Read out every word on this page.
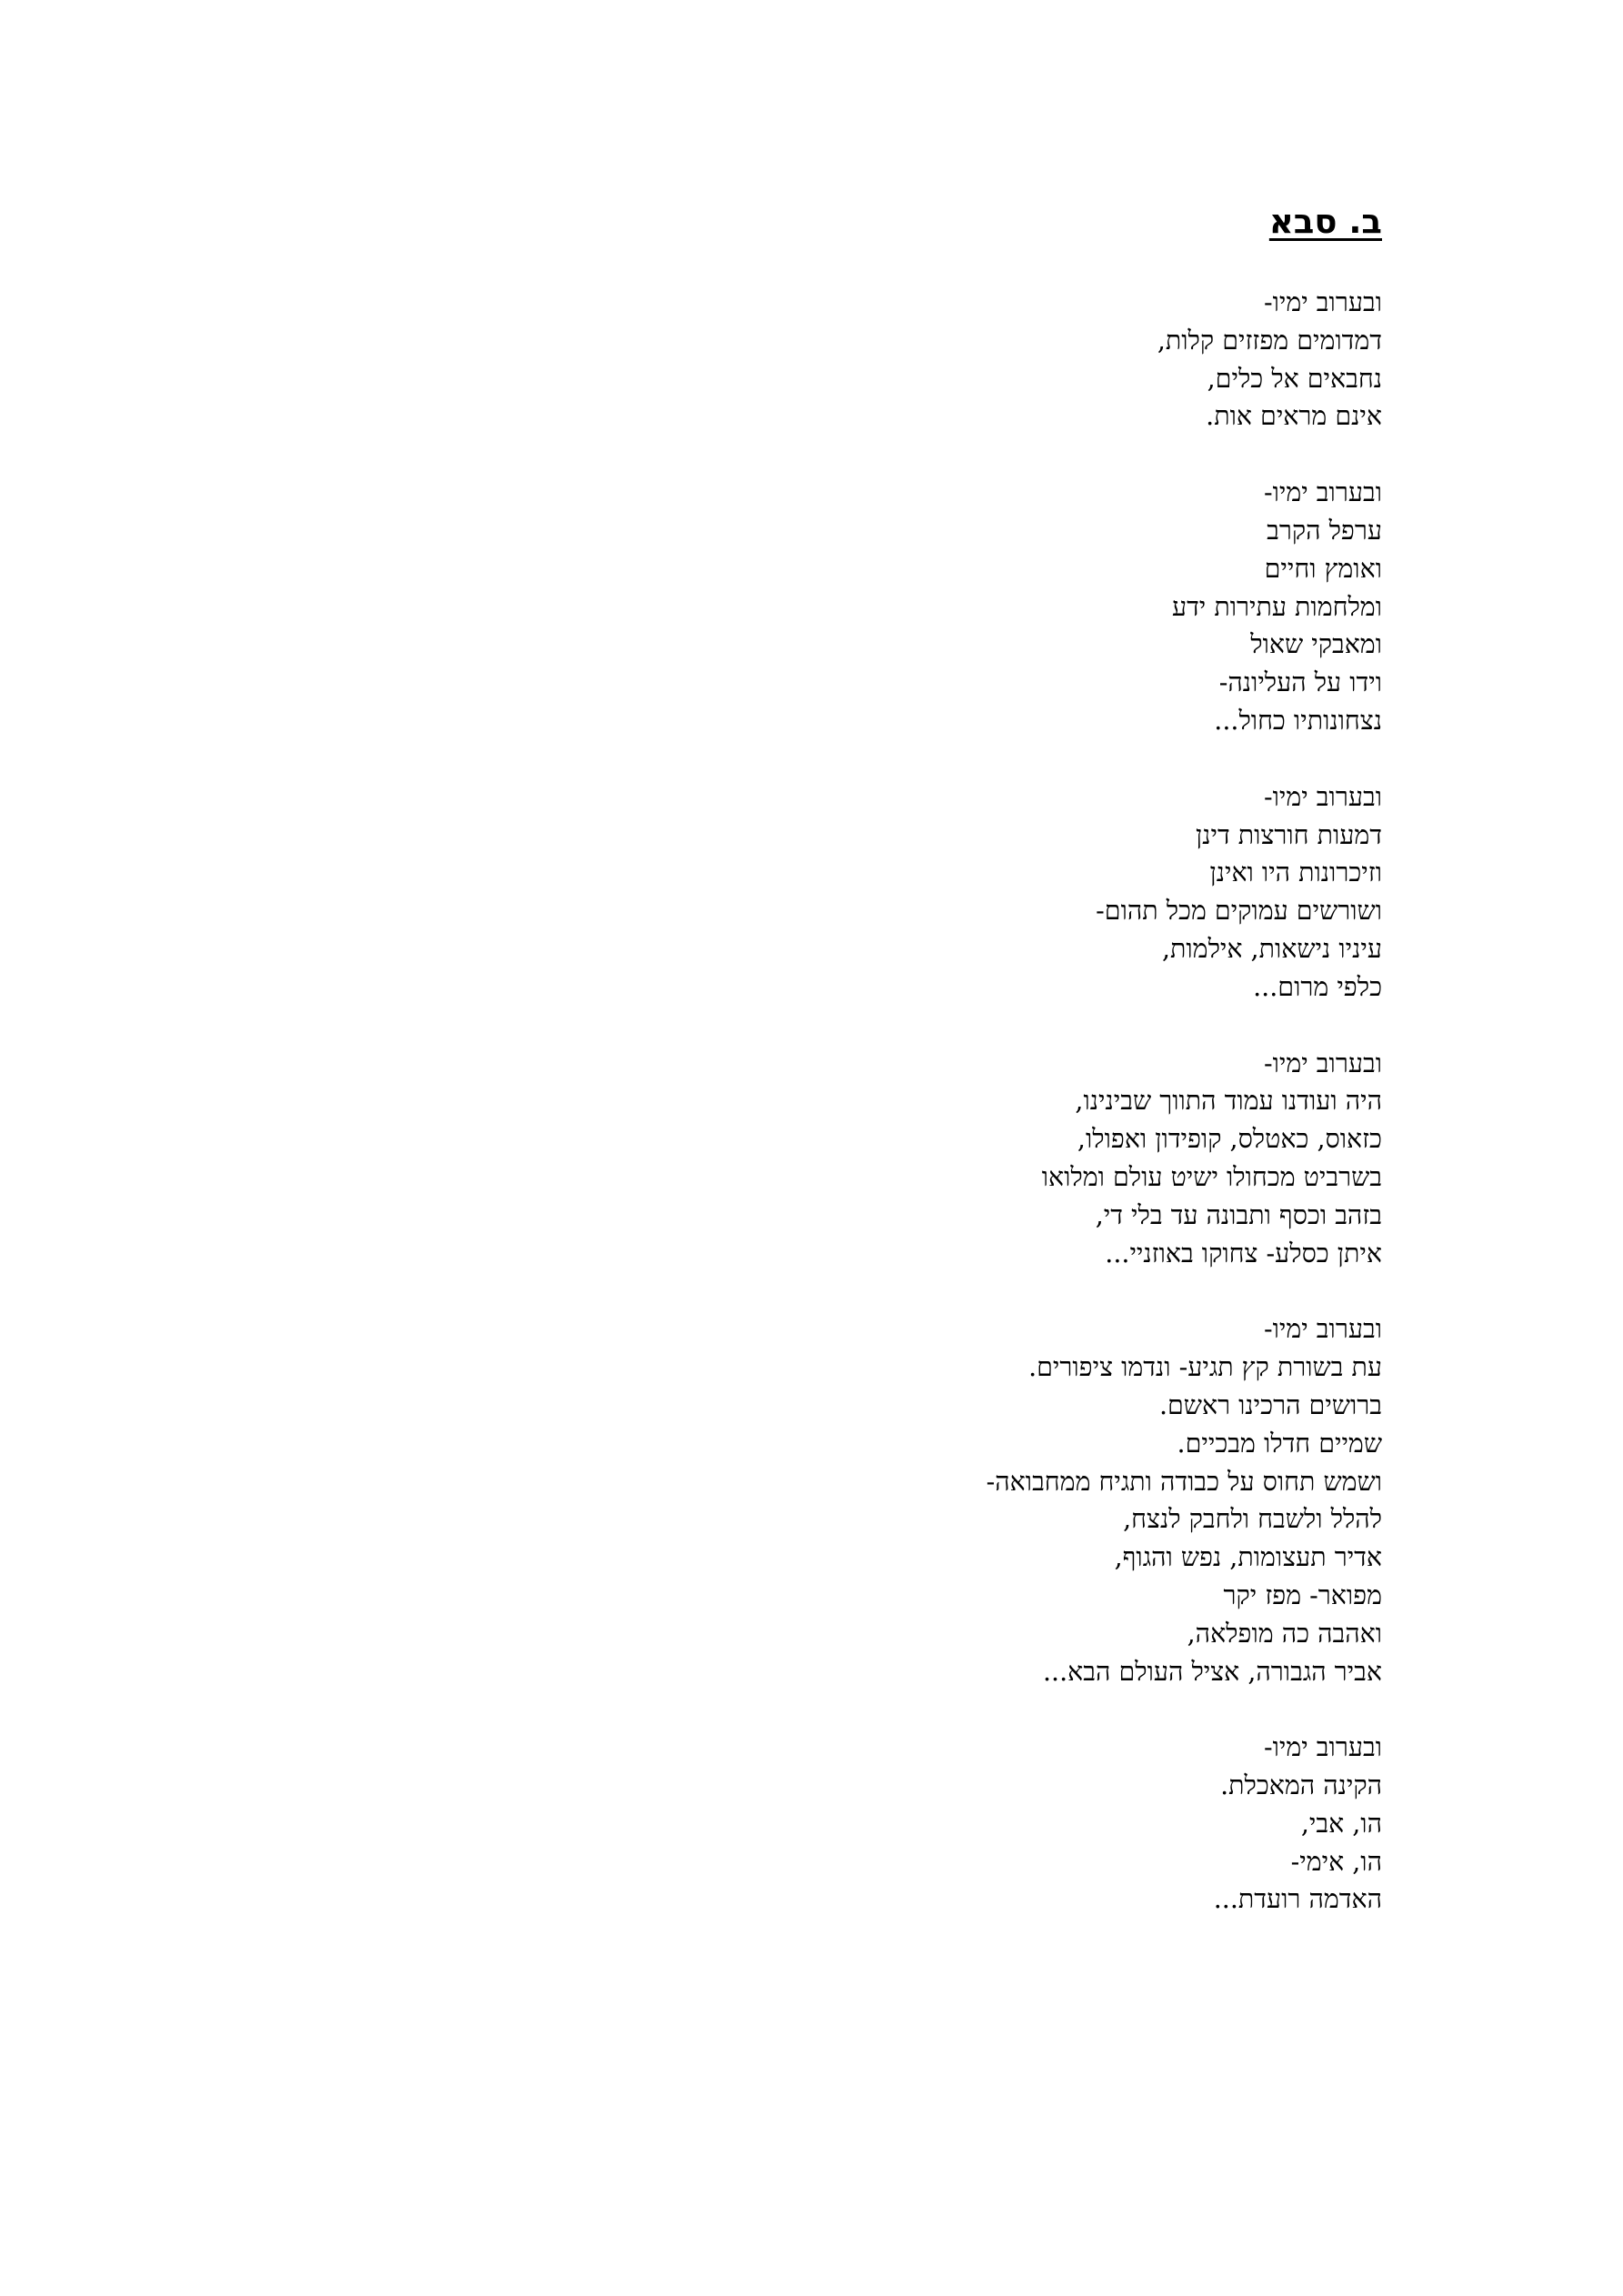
ב. סבא
ובערוב ימיו-
דמדומים מפזזים קלות,
נחבאים אל כלים,
אינם מראים אות.
ובערוב ימיו-
ערפל הקרב
ואומץ וחיים
ומלחמות עתירות ידע
ומאבקי שאול
וידו על העליונה-
נצחונותיו כחול...
ובערוב ימיו-
דמעות חורצות דינן
וזיכרונות היו ואינן
ושורשים עמוקים מכל תהום-
עיניו נישאות, אילמות,
כלפי מרום...
ובערוב ימיו-
היה ועודנו עמוד התווך שבינינו,
כזאוס, כאטלס, קופידון ואפולו,
בשרביט מכחולו ישיט עולם ומלואו
בזהב וכסף ותבונה עד בלי די,
איתן כסלע- צחוקו באוזניי...
ובערוב ימיו-
עת בשורת קץ תגיע- ונדמו ציפורים.
ברושים הרכינו ראשם.
שמיים חדלו מבכיים.
ושמש תחוס על כבודה ותגיח ממחבואה-
להלל ולשבח ולחבק לנצח,
אדיר תעצומות, נפש והגוף,
מפואר- מפז יקר
ואהבה כה מופלאה,
אביר הגבורה, אציל העולם הבא...
ובערוב ימיו-
הקינה המאכלת.
הו, אבי,
הו, אימי-
האדמה רועדת...
